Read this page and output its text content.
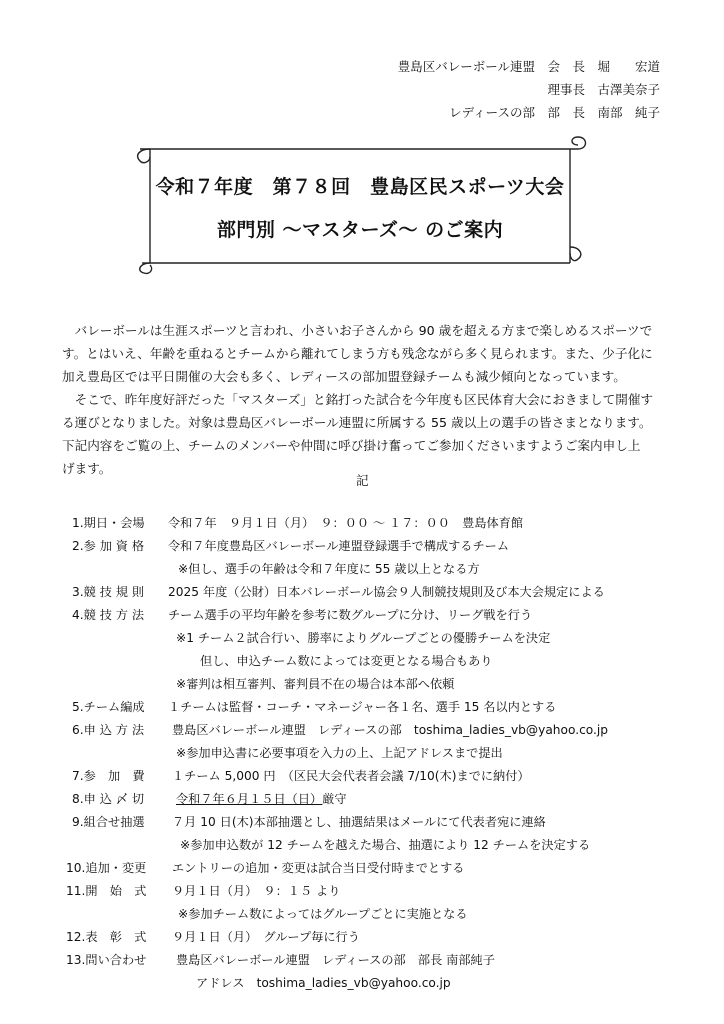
豊島区バレーボール連盟　会　長　堀　　宏道
理事長　古澤美奈子
レディースの部　部　長　南部　純子
令和７年度　第７８回　豊島区民スポーツ大会
部門別 ～マスターズ～ のご案内
　バレーボールは生涯スポーツと言われ、小さいお子さんから 90 歳を超える方まで楽しめるスポーツで
す。とはいえ、年齢を重ねるとチームから離れてしまう方も残念ながら多く見られます。また、少子化に
加え豊島区では平日開催の大会も多く、レディースの部加盟登録チームも減少傾向となっています。
　そこで、昨年度好評だった「マスターズ」と銘打った試合を今年度も区民体育大会におきまして開催す
る運びとなりました。対象は豊島区バレーボール連盟に所属する 55 歳以上の選手の皆さまとなります。
下記内容をご覧の上、チームのメンバーや仲間に呼び掛け奮ってご参加くださいますようご案内申し上
げます。
記
1.期日・会場 令和７年　９月１日（月）　９：００ ～ １７：００　豊島体育館
2.参 加 資 格 令和７年度豊島区バレーボール連盟登録選手で構成するチーム
※但し、選手の年齢は令和７年度に 55 歳以上となる方
3.競 技 規 則 2025 年度（公財）日本バレーボール協会９人制競技規則及び本大会規定による
4.競 技 方 法 チーム選手の平均年齢を参考に数グループに分け、リーグ戦を行う
※1 チーム２試合行い、勝率によりグループごとの優勝チームを決定
但し、申込チーム数によっては変更となる場合もあり
※審判は相互審判、審判員不在の場合は本部へ依頼
5.チーム編成 １チームは監督・コーチ・マネージャー各１名、選手 15 名以内とする
6.申 込 方 法 豊島区バレーボール連盟　レディースの部　toshima_ladies_vb@yahoo.co.jp
※参加申込書に必要事項を入力の上、上記アドレスまで提出
7.参　加　費 １チーム 5,000 円　（区民大会代表者会議 7/10(木)までに納付）
8.申 込 〆 切	令和７年６月１５日（日）厳守
9.組合せ抽選 ７月 10 日(木)本部抽選とし、抽選結果はメールにて代表者宛に連絡
※参加申込数が 12 チームを越えた場合、抽選により 12 チームを決定する
10.追加・変更 エントリーの追加・変更は試合当日受付時までとする
11.開　始　式 ９月１日（月）　９：１５ より
※参加チーム数によってはグループごとに実施となる
12.表　彰　式 ９月１日（月）　グループ毎に行う
13.問い合わせ 豊島区バレーボール連盟　レディースの部　部長 南部純子
アドレス　toshima_ladies_vb@yahoo.co.jp
